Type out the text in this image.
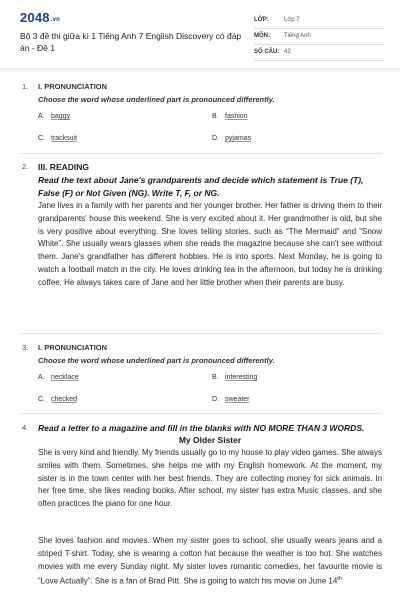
2048.vn
Bộ 3 đề thi giữa kì 1 Tiếng Anh 7 English Discovery có đáp án - Đề 1
LỚP:	Lớp 7
MÔN: Tiếng Anh
SỐ CÂU: 42
1. I. PRONUNCIATION
Choose the word whose underlined part is pronounced differently.
A. baggy	B. fashion
C. tracksuit	D. pyjamas
2. III. READING
Read the text about Jane's grandparents and decide which statement is True (T), False (F) or Not Given (NG). Write T, F, or NG.
Jane lives in a family with her parents and her younger brother. Her father is driving them to their grandparents' house this weekend. She is very excited about it. Her grandmother is old, but she is very positive about everything. She loves telling stories, such as “The Mermaid” and “Snow White”. She usually wears glasses when she reads the magazine because she can't see without them. Jane's grandfather has different hobbies. He is into sports. Next Monday, he is going to watch a football match in the city. He loves drinking tea in the afternoon, but today he is drinking coffee. He always takes care of Jane and her little brother when their parents are busy.
3. I. PRONUNCIATION
Choose the word whose underlined part is pronounced differently.
A. necklace	B. interesting
C. checked	D. sweater
4. Read a letter to a magazine and fill in the blanks with NO MORE THAN 3 WORDS.
My Older Sister
She is very kind and friendly. My friends usually go to my house to play video games. She always smiles with them. Sometimes, she helps me with my English homework. At the moment, my sister is in the town center with her best friends. They are collecting money for sick animals. In her free time, she likes reading books. After school, my sister has extra Music classes, and she often practices the piano for one hour.
She loves fashion and movies. When my sister goes to school, she usually wears jeans and a striped T-shirt. Today, she is wearing a cotton hat because the weather is too hot. She watches movies with me every Sunday night. My sister loves romantic comedies, her favourite movie is “Love Actually”. She is a fan of Brad Pitt. She is going to watch his movie on June 14th
